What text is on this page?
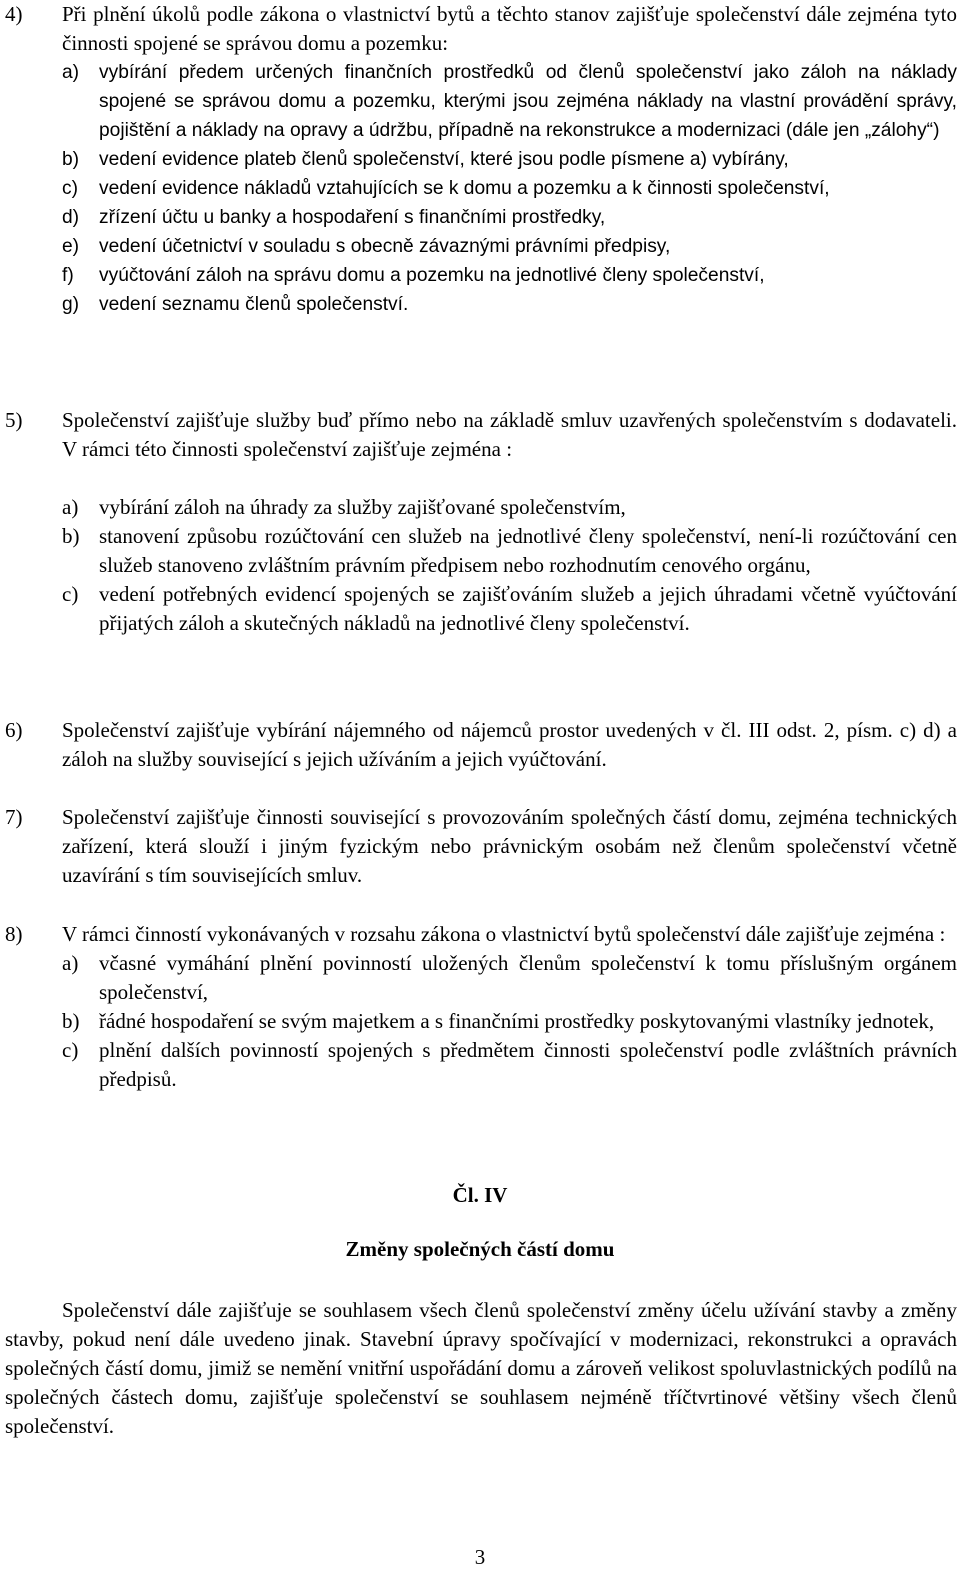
4)	Při plnění úkolů podle zákona o vlastnictví bytů a těchto stanov zajišťuje společenství dále zejména tyto činnosti spojené se správou domu a pozemku:
a)	vybírání předem určených finančních prostředků od členů společenství jako záloh na náklady spojené se správou domu a pozemku, kterými jsou zejména náklady na vlastní provádění správy, pojištění a náklady na opravy a údržbu, případně na rekonstrukce a modernizaci (dále jen „zálohy“)
b)	vedení evidence plateb členů společenství, které jsou podle písmene a) vybírány,
c)	vedení evidence nákladů vztahujících se k domu a pozemku a k činnosti společenství,
d)	zřízení účtu u banky a hospodaření s finančními prostředky,
e)	vedení účetnictví v souladu s obecně závaznými právními předpisy,
f)	vyúčtování záloh na správu domu a pozemku na jednotlivé členy společenství,
g)	vedení seznamu členů společenství.
5)	Společenství zajišťuje služby buď přímo nebo na základě smluv uzavřených společenstvím s dodavateli. V rámci této činnosti společenství zajišťuje zejména :
a) vybírání záloh na úhrady za služby zajišťované společenstvím,
b) stanovení způsobu rozúčtování cen služeb na jednotlivé členy společenství, není-li rozúčtování cen služeb stanoveno zvláštním právním předpisem nebo rozhodnutím cenového orgánu,
c) vedení potřebných evidencí spojených se zajišťováním služeb a jejich úhradami včetně vyúčtování přijatých záloh a skutečných nákladů na jednotlivé členy společenství.
6)	Společenství zajišťuje vybírání nájemného od nájemců prostor uvedených v čl. III odst. 2, písm. c) d) a záloh na služby související s jejich užíváním a jejich vyúčtování.
7)	Společenství zajišťuje činnosti související s provozováním společných částí domu, zejména technických zařízení, která slouží i jiným fyzickým nebo právnickým osobám než členům společenství včetně uzavírání s tím souvisejících smluv.
8)	V rámci činností vykonávaných v rozsahu zákona o vlastnictví bytů společenství dále zajišťuje zejména :
a) včasné vymáhání plnění povinností uložených členům společenství k tomu příslušným orgánem společenství,
b) řádné hospodaření se svým majetkem a s finančními prostředky poskytovanými vlastníky jednotek,
c) plnění dalších povinností spojených s předmětem činnosti společenství podle zvláštních právních předpisů.
Čl. IV
Změny společných částí domu
Společenství dále zajišťuje se souhlasem všech členů společenství změny účelu užívání stavby a změny stavby, pokud není dále uvedeno jinak. Stavební úpravy spočívající v modernizaci, rekonstrukci a opravách společných částí domu, jimiž se nemění vnitřní uspořádání domu a zároveň velikost spoluvlastnických podílů na společných částech domu, zajišťuje společenství se souhlasem nejméně tříčtvrtinové většiny všech členů společenství.
3
